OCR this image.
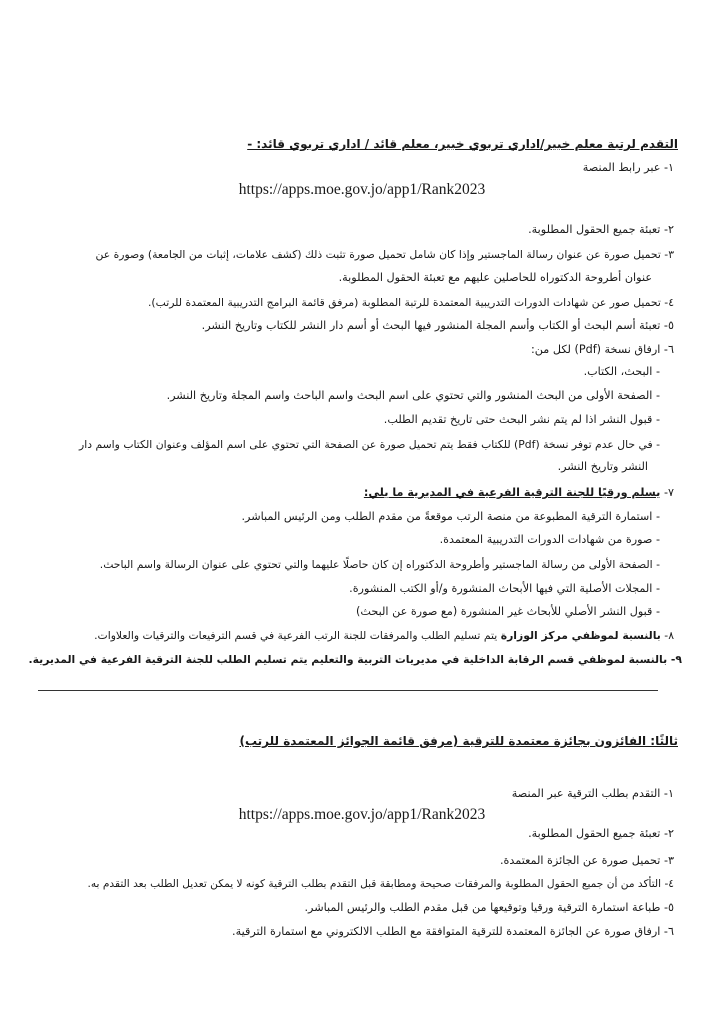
التقدم لرتبة معلم خبير/اداري تربوي خبير، معلم قائد / اداري تربوي قائد: -
١- عبر رابط المنصة
https://apps.moe.gov.jo/app1/Rank2023
٢- تعبئة جميع الحقول المطلوبة.
٣- تحميل صورة عن عنوان رسالة الماجستير وإذا كان شامل تحميل صورة تثبت ذلك (كشف علامات، إثبات من الجامعة) وصورة عن
عنوان أطروحة الدكتوراه للحاصلين عليهم مع تعبئة الحقول المطلوبة.
٤- تحميل صور عن شهادات الدورات التدريبية المعتمدة للرتبة المطلوبة (مرفق قائمة البرامج التدريبية المعتمدة للرتب).
٥- تعبئة أسم البحث أو الكتاب وأسم المجلة المنشور فيها البحث أو أسم دار النشر للكتاب وتاريخ النشر.
٦- ارفاق نسخة (Pdf) لكل من:
- البحث، الكتاب.
- الصفحة الأولى من البحث المنشور والتي تحتوي على اسم البحث واسم الباحث واسم المجلة وتاريخ النشر.
- قبول النشر اذا لم يتم نشر البحث حتى تاريخ تقديم الطلب.
- في حال عدم توفر نسخة (Pdf) للكتاب فقط يتم تحميل صورة عن الصفحة التي تحتوي على اسم المؤلف وعنوان الكتاب واسم دار
النشر وتاريخ النشر.
٧- يسلم ورقيًا للجنة الترقية الفرعية في المديرية ما يلي:
- استمارة الترقية المطبوعة من منصة الرتب موقعةً من مقدم الطلب ومن الرئيس المباشر.
- صورة من شهادات الدورات التدريبية المعتمدة.
- الصفحة الأولى من رسالة الماجستير وأطروحة الدكتوراه إن كان حاصلًا عليهما والتي تحتوي على عنوان الرسالة واسم الباحث.
- المجلات الأصلية التي فيها الأبحاث المنشورة و/أو الكتب المنشورة.
- قبول النشر الأصلي للأبحاث غير المنشورة (مع صورة عن البحث)
٨- بالنسبة لموظفي مركز الوزارة يتم تسليم الطلب والمرفقات للجنة الرتب الفرعية في قسم الترفيعات والترقيات والعلاوات.
٩- بالنسبة لموظفي قسم الرقابة الداخلية في مديريات التربية والتعليم يتم تسليم الطلب للجنة الترقية الفرعية في المديرية.
ثالثًا: الفائزون بجائزة معتمدة للترقية (مرفق قائمة الجوائز المعتمدة للرتب)
١- التقدم بطلب الترقية عبر المنصة
https://apps.moe.gov.jo/app1/Rank2023
٢- تعبئة جميع الحقول المطلوبة.
٣- تحميل صورة عن الجائزة المعتمدة.
٤- التأكد من أن جميع الحقول المطلوبة والمرفقات صحيحة ومطابقة قبل التقدم بطلب الترقية كونه لا يمكن تعديل الطلب بعد التقدم به.
٥- طباعة استمارة الترقية ورقيا وتوقيعها من قبل مقدم الطلب والرئيس المباشر.
٦- ارفاق صورة عن الجائزة المعتمدة للترقية المتوافقة مع الطلب الالكتروني مع استمارة الترقية.
